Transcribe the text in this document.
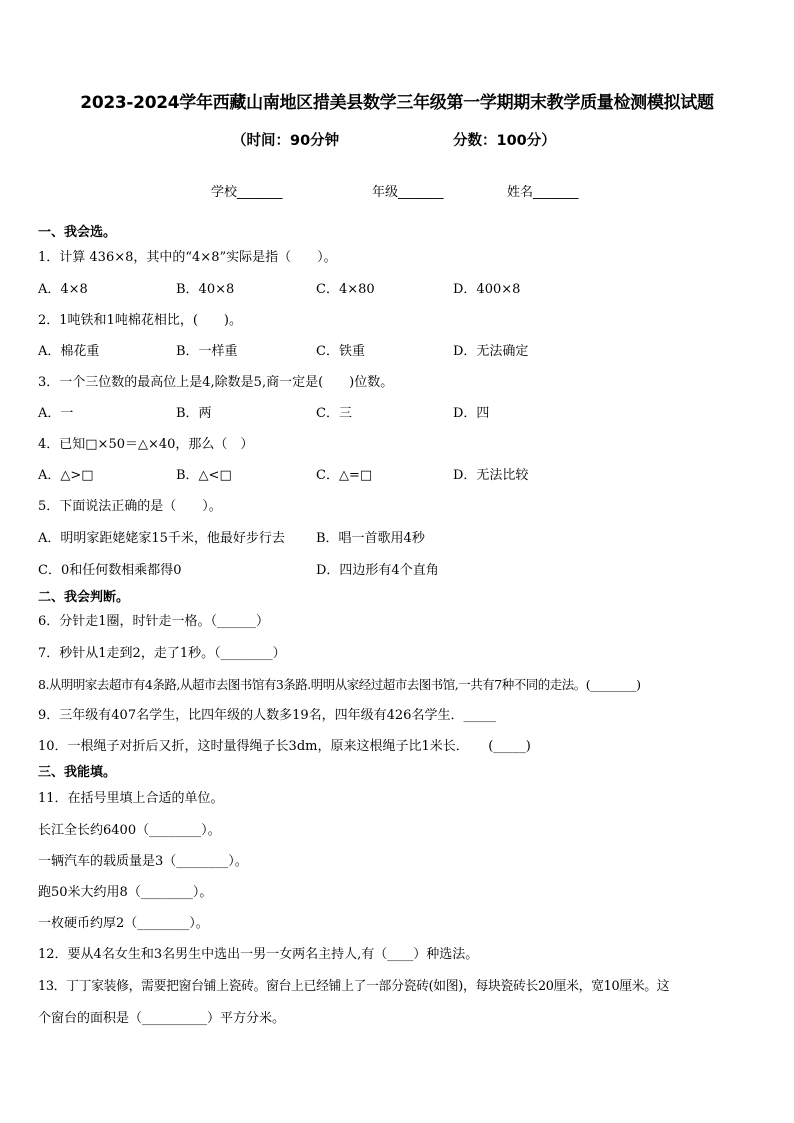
2023-2024学年西藏山南地区措美县数学三年级第一学期期末教学质量检测模拟试题
（时间：90分钟	分数：100分）
学校_______	年级_______	姓名_______
一、我会选。
1．计算 436×8，其中的“4×8”实际是指（　　）。
A．4×8	B．40×8	C．4×80	D．400×8
2．1吨铁和1吨棉花相比，(　　)。
A．棉花重	B．一样重	C．铁重	D．无法确定
3．一个三位数的最高位上是4,除数是5,商一定是(　　)位数。
A．一	B．两	C．三	D．四
4．已知□×50＝△×40，那么（　）
A．△>□	B．△<□	C．△=□	D．无法比较
5．下面说法正确的是（　　）。
A．明明家距姥姥家15千米，他最好步行去 B．唱一首歌用4秒
C．0和任何数相乘都得0	D．四边形有4个直角
二、我会判断。
6．分针走1圈，时针走一格。（______）
7．秒针从1走到2，走了1秒。（________）
8.从明明家去超市有4条路,从超市去图书馆有3条路.明明从家经过超市去图书馆,一共有7种不同的走法。(________)
9．三年级有407名学生，比四年级的人数多19名，四年级有426名学生．_____
10．一根绳子对折后又折，这时量得绳子长3dm，原来这根绳子比1米长．　　(_____)
三、我能填。
11．在括号里填上合适的单位。
长江全长约6400（________）。
一辆汽车的载质量是3（________）。
跑50米大约用8（________）。
一枚硬币约厚2（________）。
12．要从4名女生和3名男生中选出一男一女两名主持人,有（____）种选法。
13．丁丁家装修，需要把窗台铺上瓷砖。窗台上已经铺上了一部分瓷砖(如图)，每块瓷砖长20厘米，宽10厘米。这
个窗台的面积是（__________）平方分米。
